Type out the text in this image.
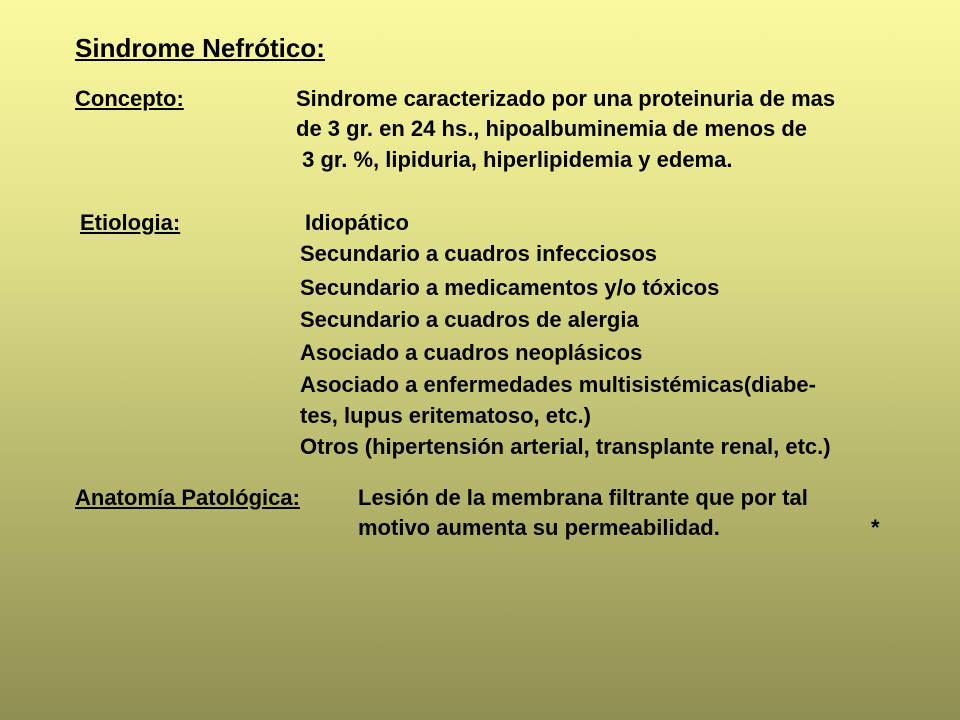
Sindrome Nefrótico:
Concepto:	Sindrome caracterizado por una proteinuria de mas
de 3 gr. en 24 hs., hipoalbuminemia de menos de
3 gr. %, lipiduria, hiperlipidemia y edema.
Etiologia:	Idiopático
Secundario a cuadros infecciosos
Secundario a medicamentos y/o tóxicos
Secundario a cuadros de alergia
Asociado a cuadros neoplásicos
Asociado a enfermedades multisistémicas(diabe-
tes, lupus eritematoso, etc.)
Otros (hipertensión arterial, transplante renal, etc.)
Anatomía Patológica:	Lesión de la membrana filtrante que por tal
motivo aumenta su permeabilidad.	*
